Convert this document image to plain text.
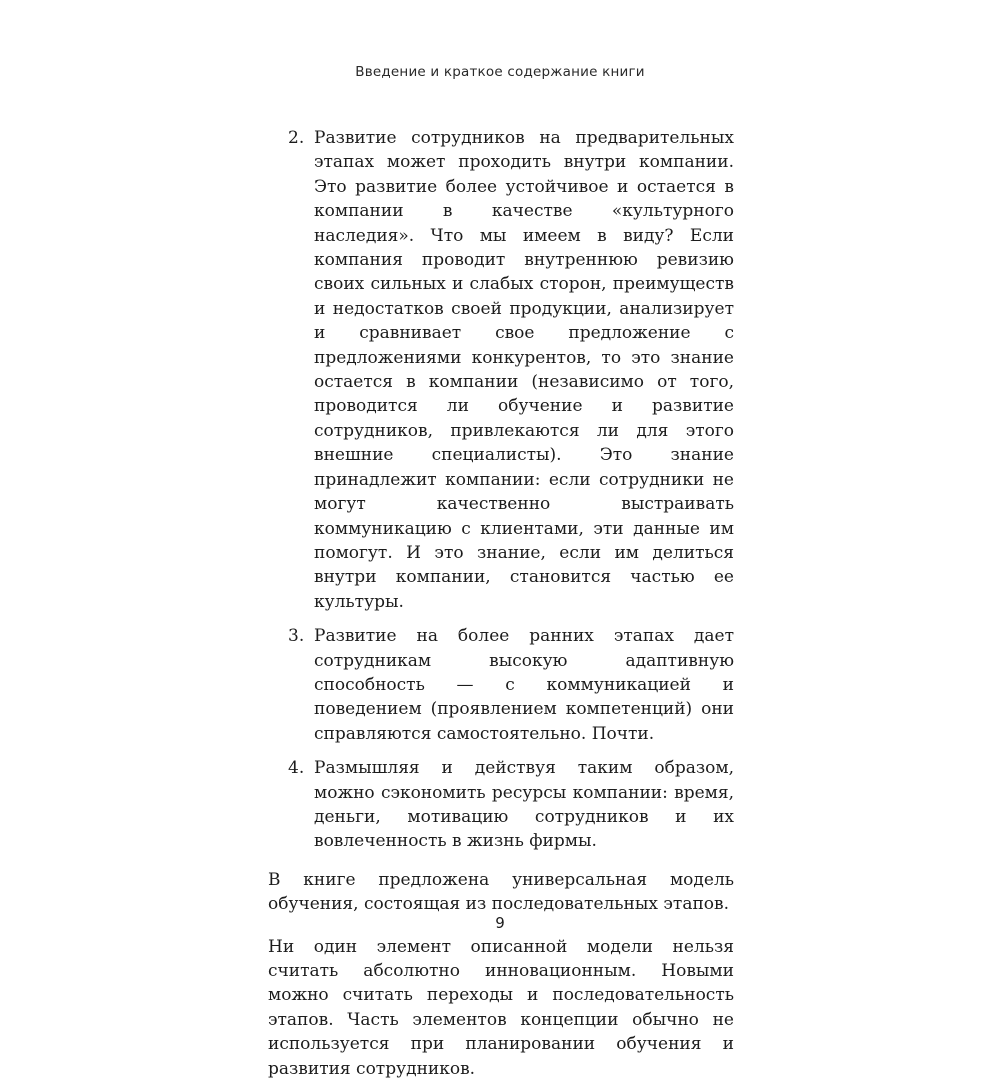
Введение и краткое содержание книги
2. Развитие сотрудников на предварительных этапах может проходить внутри компании. Это развитие более устойчивое и остается в компании в качестве «культурного наследия». Что мы имеем в виду? Если компания проводит внутреннюю ревизию своих сильных и слабых сторон, преимуществ и недостатков своей продукции, анализирует и сравнивает свое предложение с предложениями конкурентов, то это знание остается в компании (независимо от того, проводится ли обучение и развитие сотрудников, привлекаются ли для этого внешние специалисты). Это знание принадлежит компании: если сотрудники не могут качественно выстраивать коммуникацию с клиентами, эти данные им помогут. И это знание, если им делиться внутри компании, становится частью ее культуры.
3. Развитие на более ранних этапах дает сотрудникам высокую адаптивную способность — с коммуникацией и поведением (проявлением компетенций) они справляются самостоятельно. Почти.
4. Размышляя и действуя таким образом, можно сэкономить ресурсы компании: время, деньги, мотивацию сотрудников и их вовлеченность в жизнь фирмы.

В книге предложена универсальная модель обучения, состоящая из последовательных этапов.

Ни один элемент описанной модели нельзя считать абсолютно инновационным. Новыми можно считать переходы и последовательность этапов. Часть элементов концепции обычно не используется при планировании обучения и развития сотрудников.

9
